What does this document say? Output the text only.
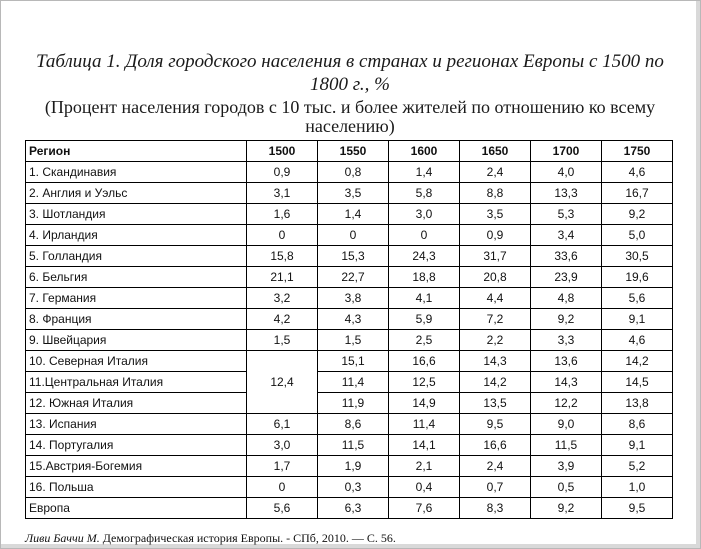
Таблица 1. Доля городского населения в странах и регионах Европы с 1500 по 1800 г., %
(Процент населения городов с 10 тыс. и более жителей по отношению ко всему населению)
Регион	1500	1550	1600	1650	1700	1750
1. Скандинавия	0,9	0,8	1,4	2,4	4,0	4,6
2. Англия и Уэльс	3,1	3,5	5,8	8,8	13,3	16,7
3. Шотландия	1,6	1,4	3,0	3,5	5,3	9,2
4. Ирландия	0	0	0	0,9	3,4	5,0
5. Голландия	15,8	15,3	24,3	31,7	33,6	30,5
6. Бельгия	21,1	22,7	18,8	20,8	23,9	19,6
7. Германия	3,2	3,8	4,1	4,4	4,8	5,6
8. Франция	4,2	4,3	5,9	7,2	9,2	9,1
9. Швейцария	1,5	1,5	2,5	2,2	3,3	4,6
10. Северная Италия	12,4	15,1	16,6	14,3	13,6	14,2
11.Центральная Италия		11,4	12,5	14,2	14,3	14,5
12. Южная Италия		11,9	14,9	13,5	12,2	13,8
13. Испания	6,1	8,6	11,4	9,5	9,0	8,6
14. Португалия	3,0	11,5	14,1	16,6	11,5	9,1
15.Австрия-Богемия	1,7	1,9	2,1	2,4	3,9	5,2
16. Польша	0	0,3	0,4	0,7	0,5	1,0
Европа	5,6	6,3	7,6	8,3	9,2	9,5
Ливи Баччи М. Демографическая история Европы. - СПб, 2010. — С. 56.
